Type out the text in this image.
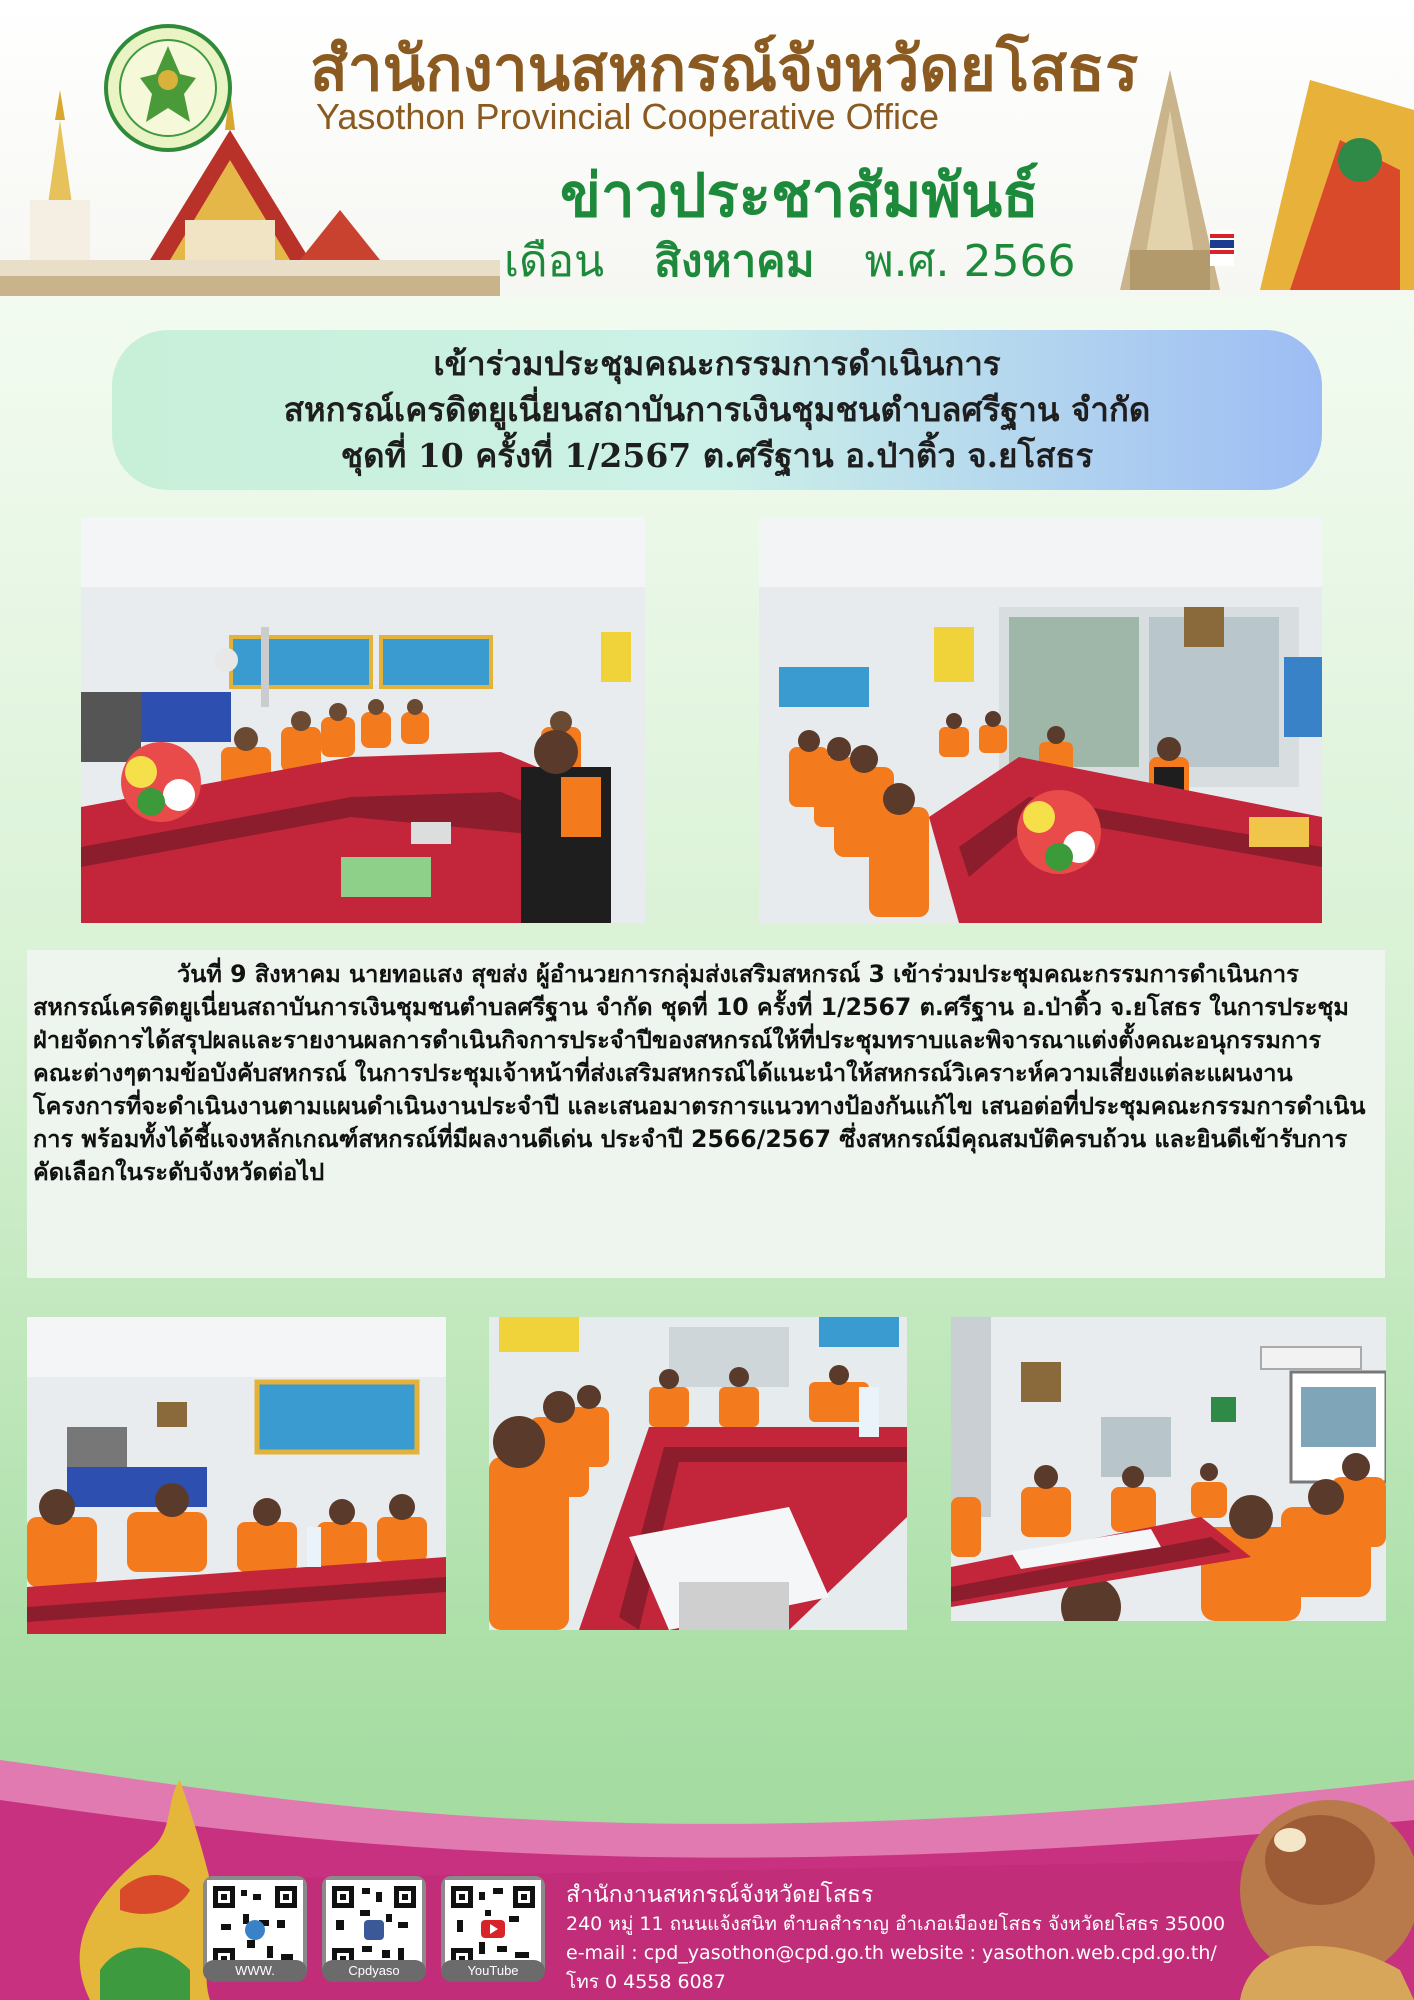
สำนักงานสหกรณ์จังหวัดยโสธร
Yasothon Provincial Cooperative Office
ข่าวประชาสัมพันธ์
เดือน สิงหาคม พ.ศ. 2566
เข้าร่วมประชุมคณะกรรมการดำเนินการ
สหกรณ์เครดิตยูเนี่ยนสถาบันการเงินชุมชนตำบลศรีฐาน จำกัด
ชุดที่ 10 ครั้งที่ 1/2567 ต.ศรีฐาน อ.ป่าติ้ว จ.ยโสธร

วันที่ 9 สิงหาคม นายทอแสง สุขส่ง ผู้อำนวยการกลุ่มส่งเสริมสหกรณ์ 3 เข้าร่วมประชุมคณะกรรมการดำเนินการ สหกรณ์เครดิตยูเนี่ยนสถาบันการเงินชุมชนตำบลศรีฐาน จำกัด ชุดที่ 10 ครั้งที่ 1/2567 ต.ศรีฐาน อ.ป่าติ้ว จ.ยโสธร ในการประชุมฝ่ายจัดการได้สรุปผลและรายงานผลการดำเนินกิจการประจำปีของสหกรณ์ให้ที่ประชุมทราบและพิจารณาแต่งตั้งคณะอนุกรรมการ คณะต่างๆตามข้อบังคับสหกรณ์ ในการประชุมเจ้าหน้าที่ส่งเสริมสหกรณ์ได้แนะนำให้สหกรณ์วิเคราะห์ความเสี่ยงแต่ละแผนงานโครงการที่จะดำเนินงานตามแผนดำเนินงานประจำปี และเสนอมาตรการแนวทางป้องกันแก้ไข เสนอต่อที่ประชุมคณะกรรมการดำเนินการ พร้อมทั้งได้ชี้แจงหลักเกณฑ์สหกรณ์ที่มีผลงานดีเด่น ประจำปี 2566/2567 ซึ่งสหกรณ์มีคุณสมบัติครบถ้วน และยินดีเข้ารับการคัดเลือกในระดับจังหวัดต่อไป

WWW.	Cpdyaso	YouTube
สำนักงานสหกรณ์จังหวัดยโสธร
240 หมู่ 11 ถนนแจ้งสนิท ตำบลสำราญ อำเภอเมืองยโสธร จังหวัดยโสธร 35000
e-mail : cpd_yasothon@cpd.go.th website : yasothon.web.cpd.go.th/
โทร 0 4558 6087
